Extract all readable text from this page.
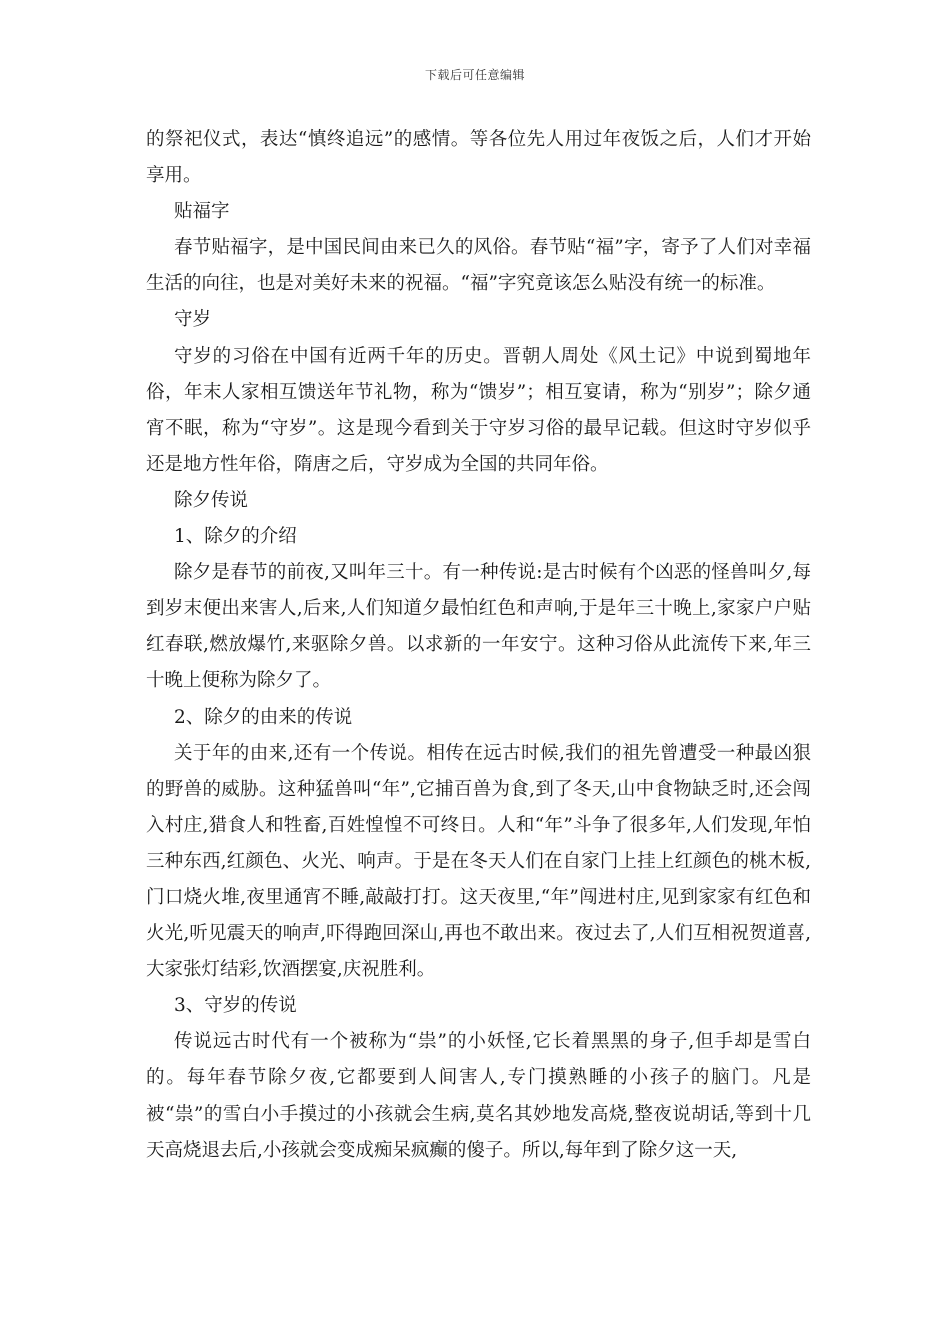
下载后可任意编辑

的祭祀仪式，表达“慎终追远”的感情。等各位先人用过年夜饭之后，人们才开始享用。

贴福字

春节贴福字，是中国民间由来已久的风俗。春节贴“福”字，寄予了人们对幸福生活的向往，也是对美好未来的祝福。“福”字究竟该怎么贴没有统一的标准。

守岁

守岁的习俗在中国有近两千年的历史。晋朝人周处《风土记》中说到蜀地年俗，年末人家相互馈送年节礼物，称为“馈岁”；相互宴请，称为“别岁”；除夕通宵不眠，称为“守岁”。这是现今看到关于守岁习俗的最早记载。但这时守岁似乎还是地方性年俗，隋唐之后，守岁成为全国的共同年俗。

除夕传说

1、除夕的介绍

除夕是春节的前夜,又叫年三十。有一种传说:是古时候有个凶恶的怪兽叫夕,每到岁末便出来害人,后来,人们知道夕最怕红色和声响,于是年三十晚上,家家户户贴红春联,燃放爆竹,来驱除夕兽。以求新的一年安宁。这种习俗从此流传下来,年三十晚上便称为除夕了。

2、除夕的由来的传说

关于年的由来,还有一个传说。相传在远古时候,我们的祖先曾遭受一种最凶狠的野兽的威胁。这种猛兽叫“年”,它捕百兽为食,到了冬天,山中食物缺乏时,还会闯入村庄,猎食人和牲畜,百姓惶惶不可终日。人和“年”斗争了很多年,人们发现,年怕三种东西,红颜色、火光、响声。于是在冬天人们在自家门上挂上红颜色的桃木板,门口烧火堆,夜里通宵不睡,敲敲打打。这天夜里,“年”闯进村庄,见到家家有红色和火光,听见震天的响声,吓得跑回深山,再也不敢出来。夜过去了,人们互相祝贺道喜,大家张灯结彩,饮酒摆宴,庆祝胜利。

3、守岁的传说

传说远古时代有一个被称为“祟”的小妖怪,它长着黑黑的身子,但手却是雪白的。每年春节除夕夜,它都要到人间害人,专门摸熟睡的小孩子的脑门。凡是被“祟”的雪白小手摸过的小孩就会生病,莫名其妙地发高烧,整夜说胡话,等到十几天高烧退去后,小孩就会变成痴呆疯癫的傻子。所以,每年到了除夕这一天,
